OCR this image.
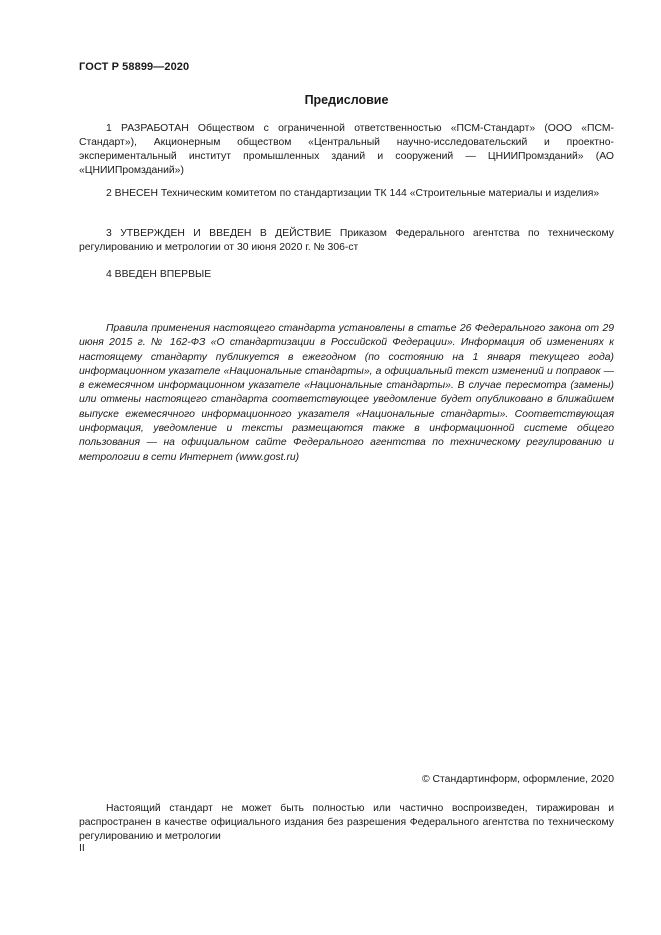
ГОСТ Р 58899—2020
Предисловие

1 РАЗРАБОТАН Обществом с ограниченной ответственностью «ПСМ-Стандарт» (ООО «ПСМ-Стандарт»), Акционерным обществом «Центральный научно-исследовательский и проектно-экспериментальный институт промышленных зданий и сооружений — ЦНИИПромзданий» (АО «ЦНИИПромзданий»)

2 ВНЕСЕН Техническим комитетом по стандартизации ТК 144 «Строительные материалы и изделия»

3 УТВЕРЖДЕН И ВВЕДЕН В ДЕЙСТВИЕ Приказом Федерального агентства по техническому регулированию и метрологии от 30 июня 2020 г. № 306-ст

4 ВВЕДЕН ВПЕРВЫЕ

Правила применения настоящего стандарта установлены в статье 26 Федерального закона от 29 июня 2015 г. № 162-ФЗ «О стандартизации в Российской Федерации». Информация об изменениях к настоящему стандарту публикуется в ежегодном (по состоянию на 1 января текущего года) информационном указателе «Национальные стандарты», а официальный текст изменений и поправок — в ежемесячном информационном указателе «Национальные стандарты». В случае пересмотра (замены) или отмены настоящего стандарта соответствующее уведомление будет опубликовано в ближайшем выпуске ежемесячного информационного указателя «Национальные стандарты». Соответствующая информация, уведомление и тексты размещаются также в информационной системе общего пользования — на официальном сайте Федерального агентства по техническому регулированию и метрологии в сети Интернет (www.gost.ru)

© Стандартинформ, оформление, 2020

Настоящий стандарт не может быть полностью или частично воспроизведен, тиражирован и распространен в качестве официального издания без разрешения Федерального агентства по техническому регулированию и метрологии

II
